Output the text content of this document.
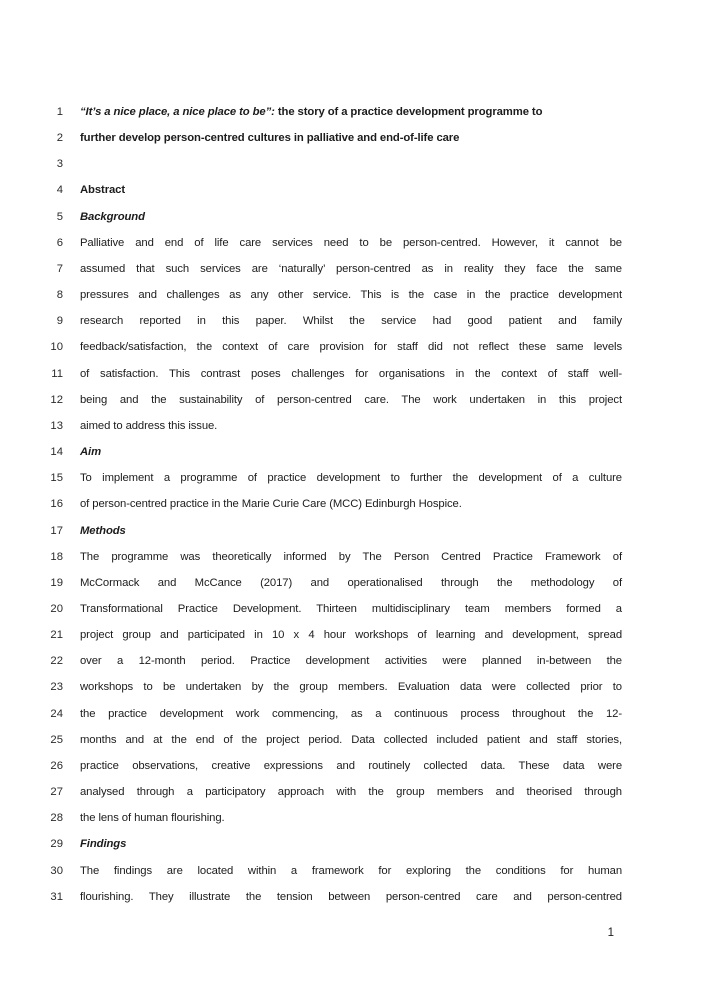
1 “It’s a nice place, a nice place to be”: the story of a practice development programme to
2 further develop person-centred cultures in palliative and end-of-life care
3
4 Abstract
5 Background
6 Palliative and end of life care services need to be person-centred. However, it cannot be
7 assumed that such services are ‘naturally’ person-centred as in reality they face the same
8 pressures and challenges as any other service. This is the case in the practice development
9 research reported in this paper. Whilst the service had good patient and family
10 feedback/satisfaction, the context of care provision for staff did not reflect these same levels
11 of satisfaction. This contrast poses challenges for organisations in the context of staff well-
12 being and the sustainability of person-centred care. The work undertaken in this project
13 aimed to address this issue.
14 Aim
15 To implement a programme of practice development to further the development of a culture
16 of person-centred practice in the Marie Curie Care (MCC) Edinburgh Hospice.
17 Methods
18 The programme was theoretically informed by The Person Centred Practice Framework of
19 McCormack and McCance (2017) and operationalised through the methodology of
20 Transformational Practice Development. Thirteen multidisciplinary team members formed a
21 project group and participated in 10 x 4 hour workshops of learning and development, spread
22 over a 12-month period. Practice development activities were planned in-between the
23 workshops to be undertaken by the group members. Evaluation data were collected prior to
24 the practice development work commencing, as a continuous process throughout the 12-
25 months and at the end of the project period. Data collected included patient and staff stories,
26 practice observations, creative expressions and routinely collected data. These data were
27 analysed through a participatory approach with the group members and theorised through
28 the lens of human flourishing.
29 Findings
30 The findings are located within a framework for exploring the conditions for human
31 flourishing. They illustrate the tension between person-centred care and person-centred
1
